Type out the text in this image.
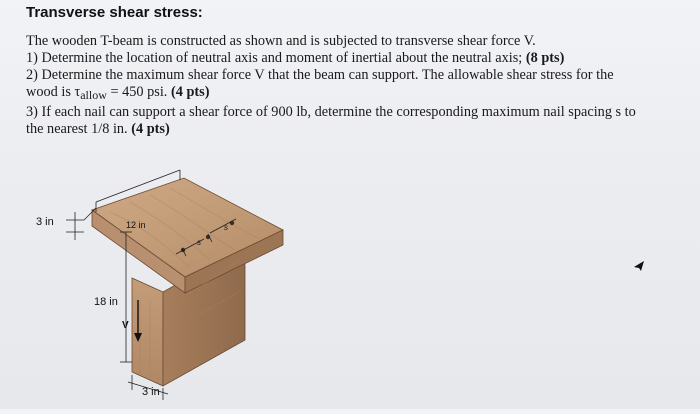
Transverse shear stress:
The wooden T-beam is constructed as shown and is subjected to transverse shear force V.
1) Determine the location of neutral axis and moment of inertial about the neutral axis; (8 pts)
2) Determine the maximum shear force V that the beam can support. The allowable shear stress for the
wood is $\tau_{allow} = 450$ psi. (4 pts)
3) If each nail can support a shear force of 900 lb, determine the corresponding maximum nail spacing s to
the nearest 1/8 in. (4 pts)
s
s
V
3 in	12 in
18 in
3 in
